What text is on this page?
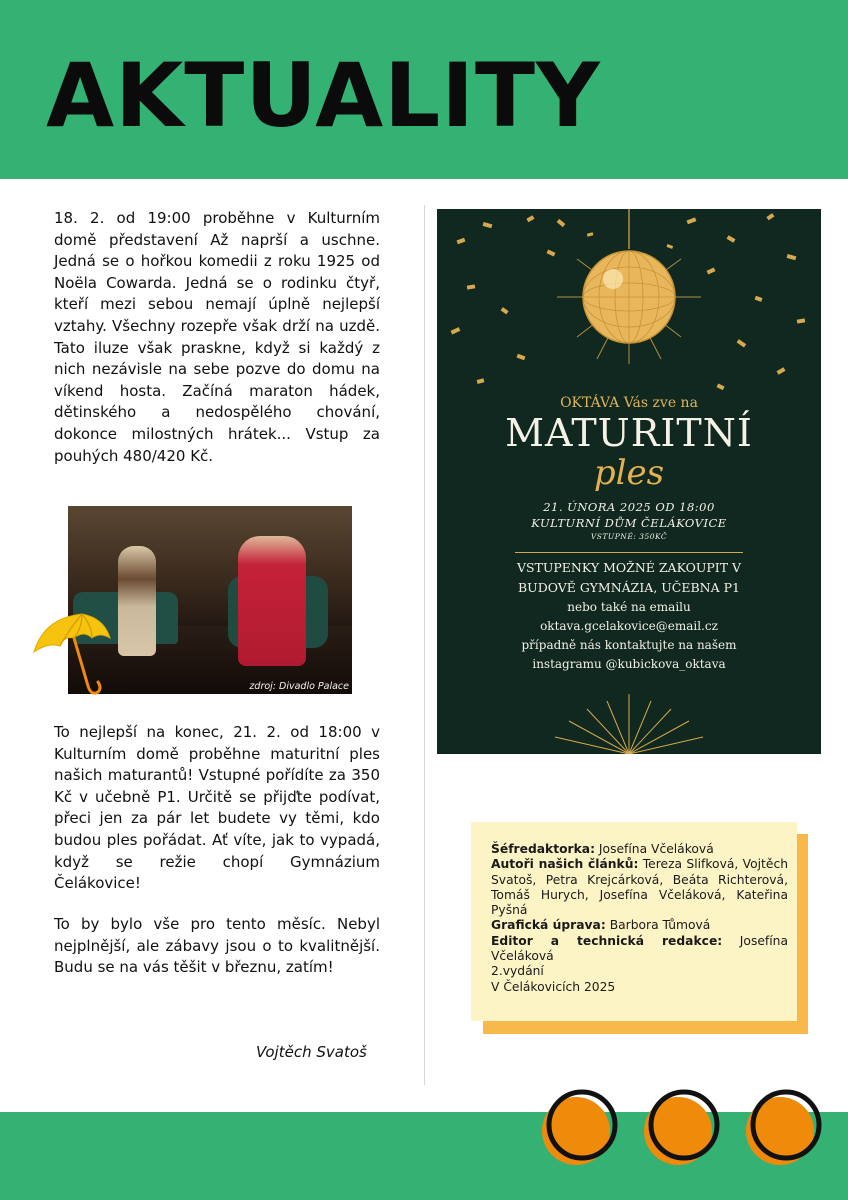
AKTUALITY

18. 2. od 19:00 proběhne v Kulturním domě představení Až naprší a uschne. Jedná se o hořkou komedii z roku 1925 od Noëla Cowarda. Jedná se o rodinku čtyř, kteří mezi sebou nemají úplně nejlepší vztahy. Všechny rozepře však drží na uzdě. Tato iluze však praskne, když si každý z nich nezávisle na sebe pozve do domu na víkend hosta. Začíná maraton hádek, dětinského a nedospělého chování, dokonce milostných hrátek... Vstup za pouhých 480/420 Kč.

zdroj: Divadlo Palace

To nejlepší na konec, 21. 2. od 18:00 v Kulturním domě proběhne maturitní ples našich maturantů! Vstupné pořídíte za 350 Kč v učebně P1. Určitě se přijďte podívat, přeci jen za pár let budete vy těmi, kdo budou ples pořádat. Ať víte, jak to vypadá, když se režie chopí Gymnázium Čelákovice!

To by bylo vše pro tento měsíc. Nebyl nejplnější, ale zábavy jsou o to kvalitnější. Budu se na vás těšit v březnu, zatím!

Vojtěch Svatoš

OKTÁVA Vás zve na
MATURITNÍ
ples
21. ÚNORA 2025 OD 18:00
KULTURNÍ DŮM ČELÁKOVICE
VSTUPNÉ: 350KČ
VSTUPENKY MOŽNÉ ZAKOUPIT V
BUDOVĚ GYMNÁZIA, UČEBNA P1
nebo také na emailu
oktava.gcelakovice@email.cz
případně nás kontaktujte na našem
instagramu @kubickova_oktava
Šéfredaktorka: Josefína Včeláková
Autoři našich článků: Tereza Slifková, Vojtěch Svatoš, Petra Krejcárková, Beáta Richterová, Tomáš Hurych, Josefína Včeláková, Kateřina Pyšná
Grafická úprava: Barbora Tůmová
Editor a technická redakce: Josefína Včeláková
2.vydání
V Čelákovicích 2025
